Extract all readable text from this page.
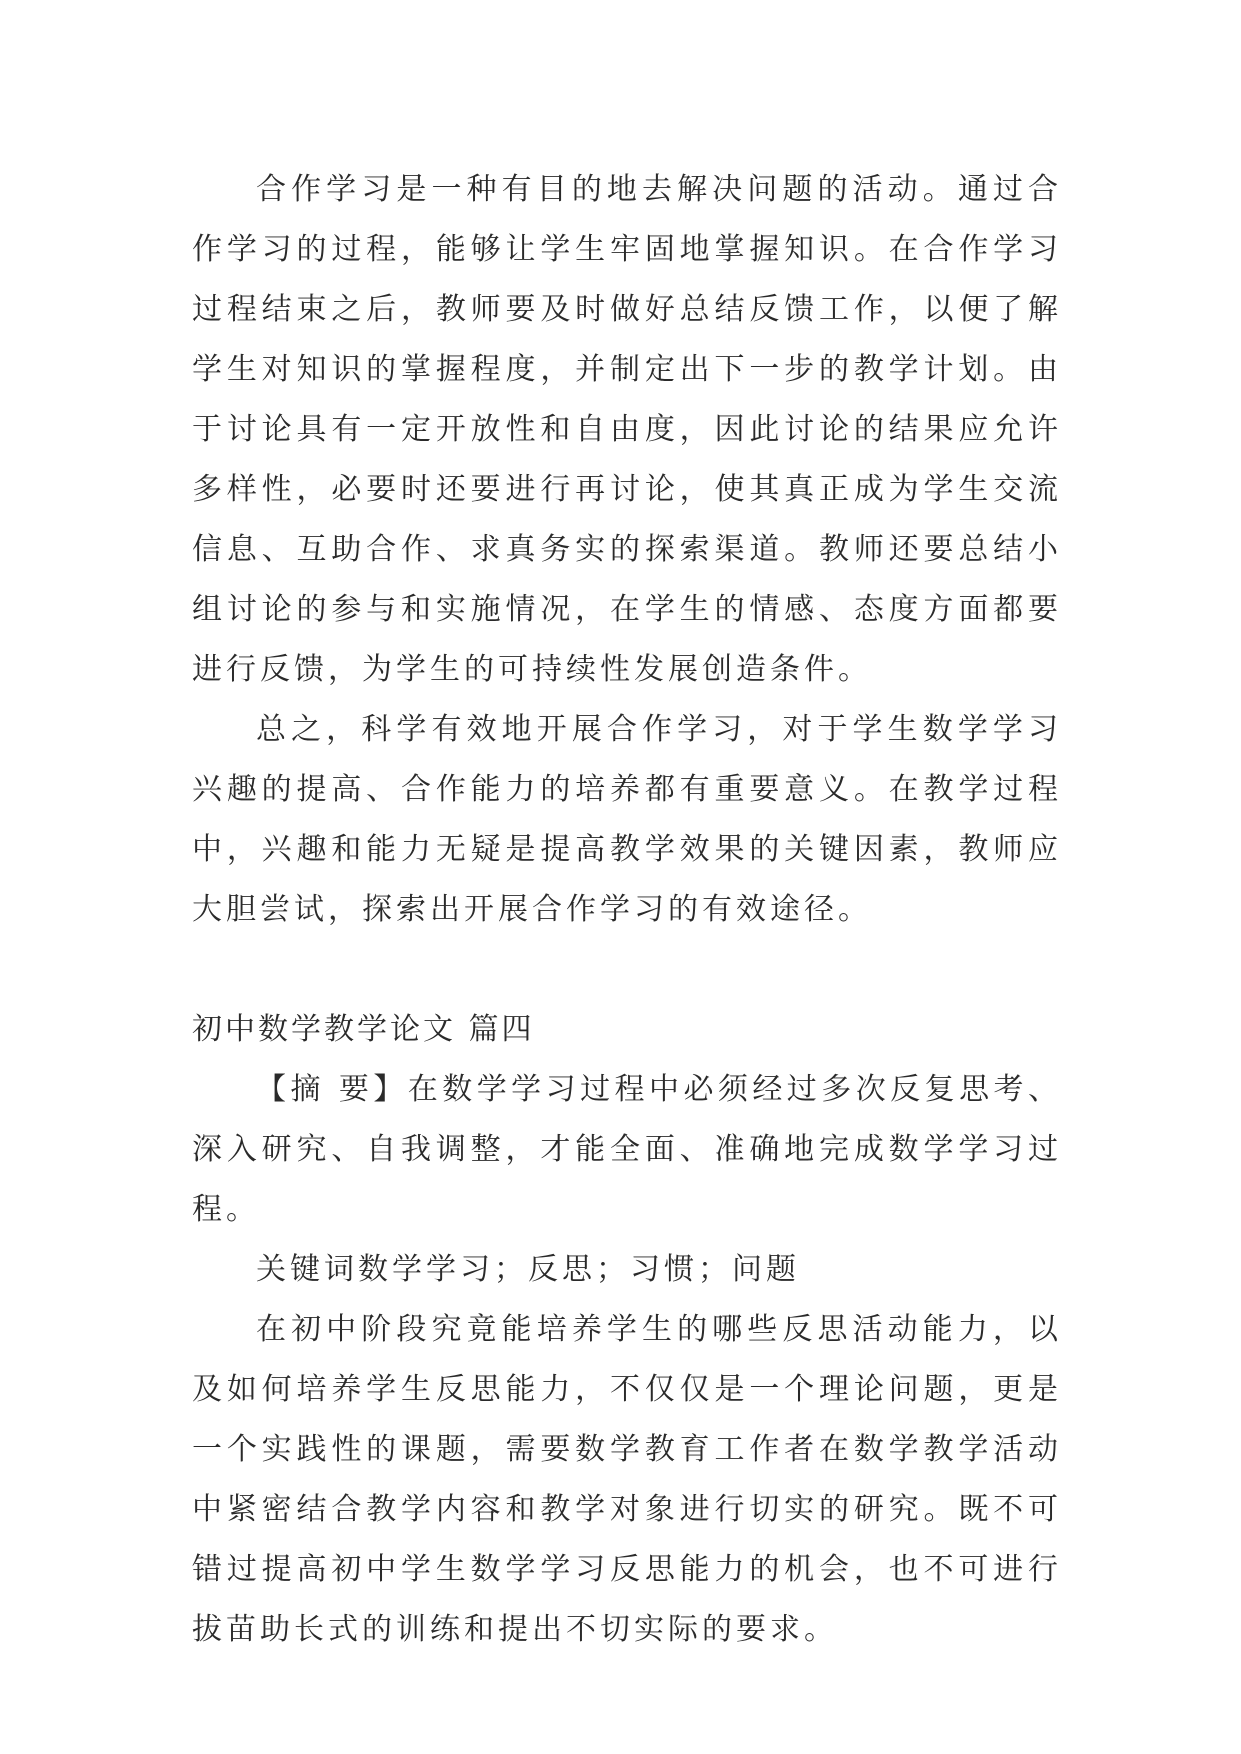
合作学习是一种有目的地去解决问题的活动。通过合作学习的过程，能够让学生牢固地掌握知识。在合作学习过程结束之后，教师要及时做好总结反馈工作，以便了解学生对知识的掌握程度，并制定出下一步的教学计划。由于讨论具有一定开放性和自由度，因此讨论的结果应允许多样性，必要时还要进行再讨论，使其真正成为学生交流信息、互助合作、求真务实的探索渠道。教师还要总结小组讨论的参与和实施情况，在学生的情感、态度方面都要进行反馈，为学生的可持续性发展创造条件。

总之，科学有效地开展合作学习，对于学生数学学习兴趣的提高、合作能力的培养都有重要意义。在教学过程中，兴趣和能力无疑是提高教学效果的关键因素，教师应大胆尝试，探索出开展合作学习的有效途径。

初中数学教学论文 篇四

【摘 要】在数学学习过程中必须经过多次反复思考、深入研究、自我调整，才能全面、准确地完成数学学习过程。

关键词数学学习；反思；习惯；问题

在初中阶段究竟能培养学生的哪些反思活动能力，以及如何培养学生反思能力，不仅仅是一个理论问题，更是一个实践性的课题，需要数学教育工作者在数学教学活动中紧密结合教学内容和教学对象进行切实的研究。既不可错过提高初中学生数学学习反思能力的机会，也不可进行拔苗助长式的训练和提出不切实际的要求。
